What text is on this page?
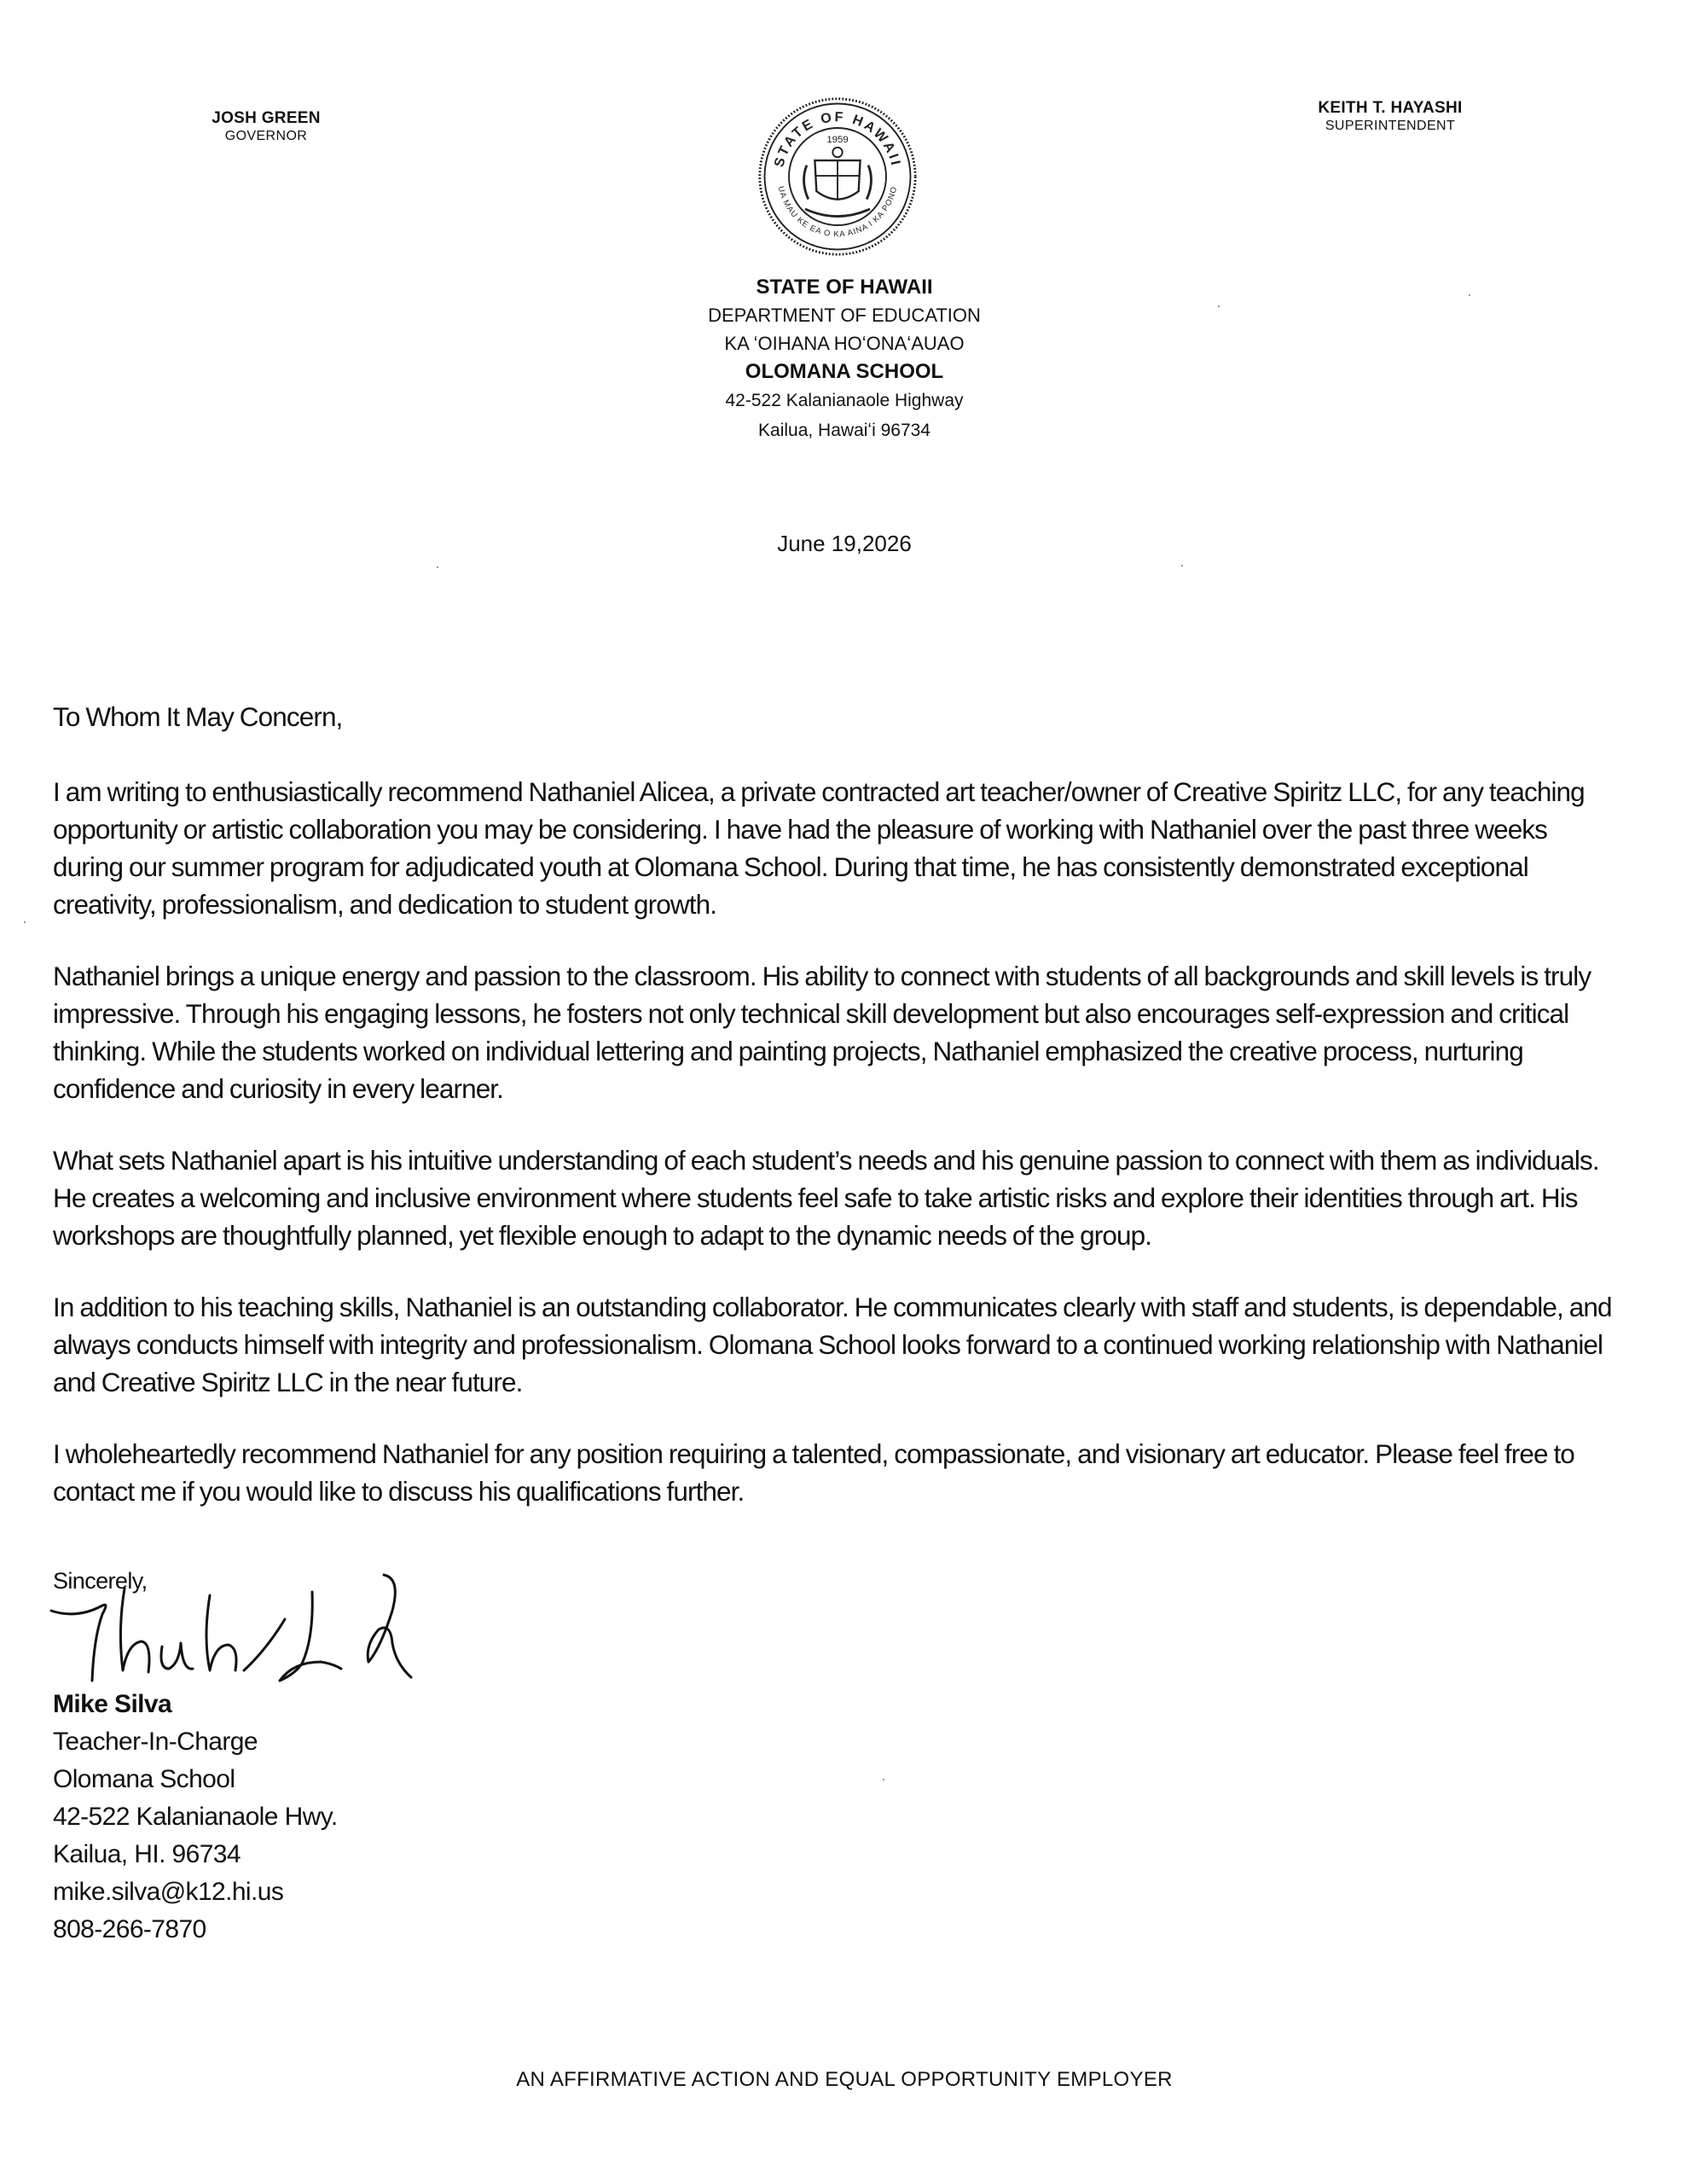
JOSH GREEN
GOVERNOR
STATE OF HAWAII
UA MAU KE EA O KA AINA I KA PONO
1959
KEITH T. HAYASHI
SUPERINTENDENT
STATE OF HAWAII
DEPARTMENT OF EDUCATION
KA ʻOIHANA HOʻONAʻAUAO
OLOMANA SCHOOL
42-522 Kalanianaole Highway
Kailua, Hawaiʻi 96734
June 19,2026

To Whom It May Concern,

I am writing to enthusiastically recommend Nathaniel Alicea, a private contracted art teacher/owner of Creative Spiritz LLC, for any teaching opportunity or artistic collaboration you may be considering. I have had the pleasure of working with Nathaniel over the past three weeks during our summer program for adjudicated youth at Olomana School. During that time, he has consistently demonstrated exceptional creativity, professionalism, and dedication to student growth.

Nathaniel brings a unique energy and passion to the classroom. His ability to connect with students of all backgrounds and skill levels is truly impressive. Through his engaging lessons, he fosters not only technical skill development but also encourages self-expression and critical thinking. While the students worked on individual lettering and painting projects, Nathaniel emphasized the creative process, nurturing confidence and curiosity in every learner.

What sets Nathaniel apart is his intuitive understanding of each student’s needs and his genuine passion to connect with them as individuals. He creates a welcoming and inclusive environment where students feel safe to take artistic risks and explore their identities through art. His workshops are thoughtfully planned, yet flexible enough to adapt to the dynamic needs of the group.

In addition to his teaching skills, Nathaniel is an outstanding collaborator. He communicates clearly with staff and students, is dependable, and always conducts himself with integrity and professionalism. Olomana School looks forward to a continued working relationship with Nathaniel and Creative Spiritz LLC in the near future.

I wholeheartedly recommend Nathaniel for any position requiring a talented, compassionate, and visionary art educator. Please feel free to contact me if you would like to discuss his qualifications further.

Sincerely,
Mike Silva
Teacher-In-Charge
Olomana School
42-522 Kalanianaole Hwy.
Kailua, HI. 96734
mike.silva@k12.hi.us
808-266-7870
AN AFFIRMATIVE ACTION AND EQUAL OPPORTUNITY EMPLOYER
